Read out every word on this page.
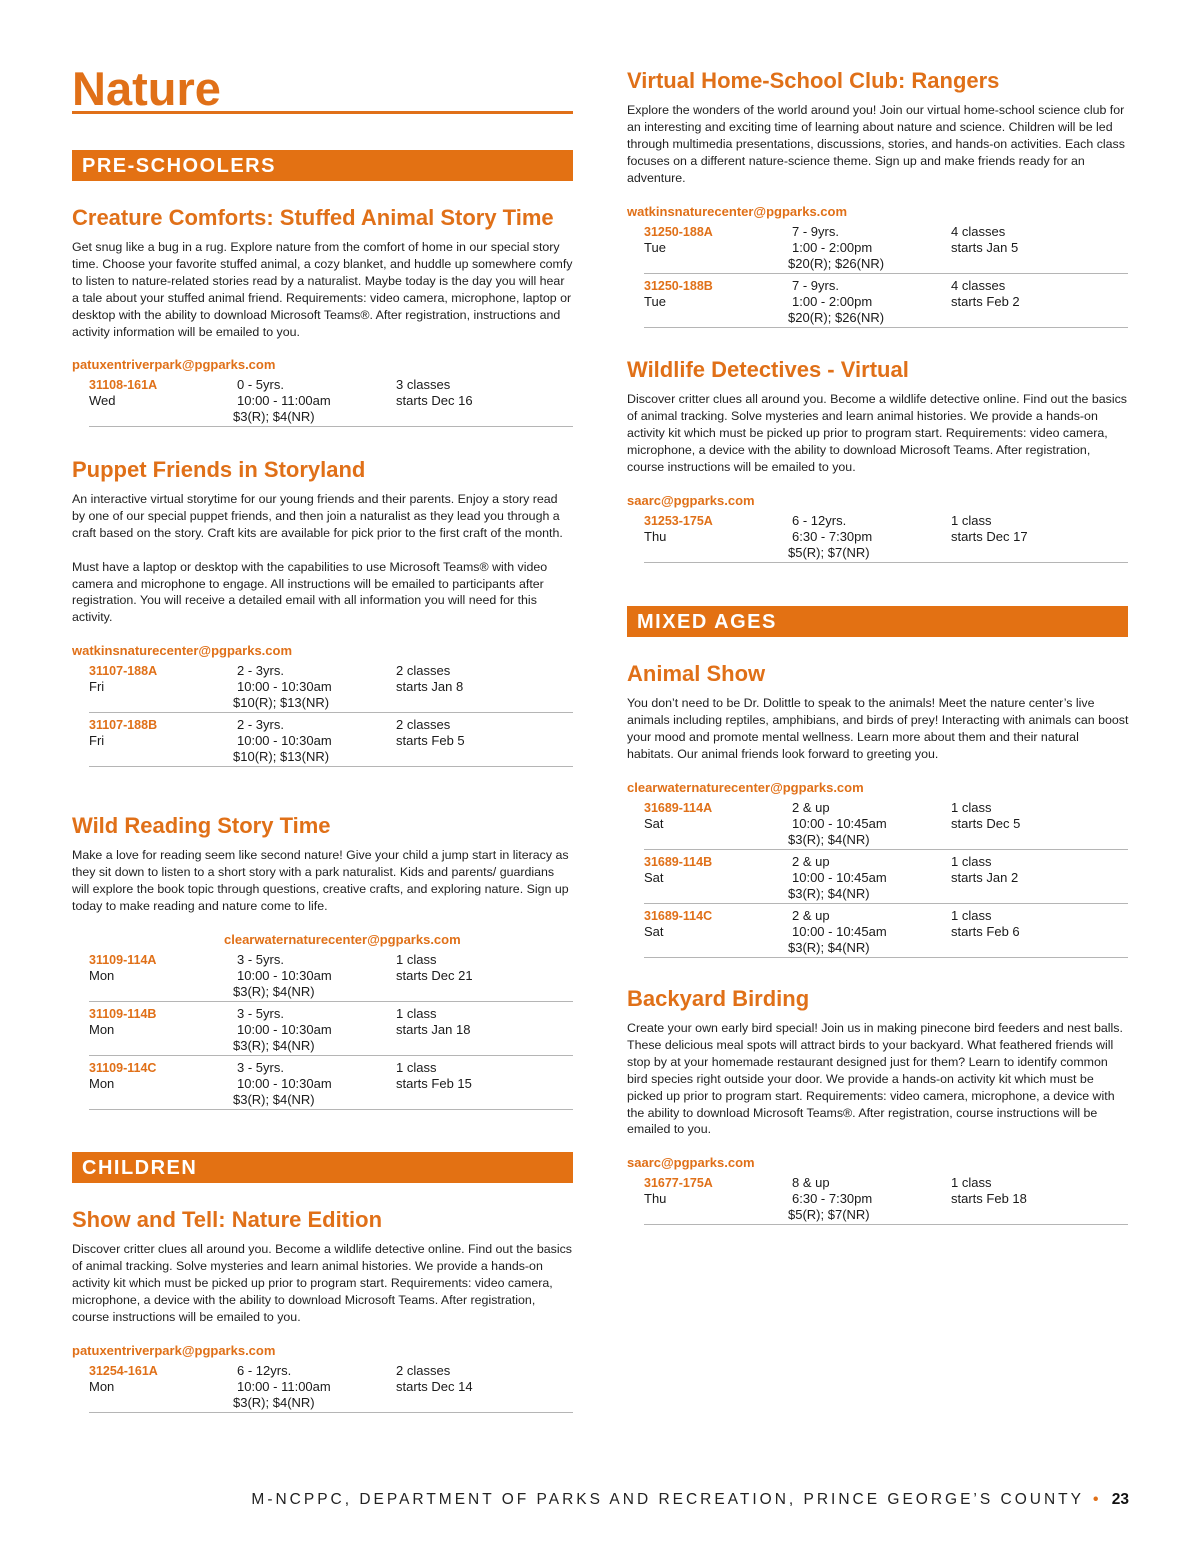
Nature
PRE-SCHOOLERS
Creature Comforts: Stuffed Animal Story Time

Get snug like a bug in a rug. Explore nature from the comfort of home in our special story time. Choose your favorite stuffed animal, a cozy blanket, and huddle up somewhere comfy to listen to nature-related stories read by a naturalist. Maybe today is the day you will hear a tale about your stuffed animal friend. Requirements: video camera, microphone, laptop or desktop with the ability to download Microsoft Teams®. After registration, instructions and activity information will be emailed to you.

patuxentriverpark@pgparks.com
31108-161A
Wed
0 - 5yrs.
10:00 - 11:00am
$3(R); $4(NR)
3 classes
starts Dec 16
Puppet Friends in Storyland

An interactive virtual storytime for our young friends and their parents. Enjoy a story read by one of our special puppet friends, and then join a naturalist as they lead you through a craft based on the story. Craft kits are available for pick prior to the first craft of the month.

Must have a laptop or desktop with the capabilities to use Microsoft Teams® with video camera and microphone to engage. All instructions will be emailed to participants after registration. You will receive a detailed email with all information you will need for this activity.

watkinsnaturecenter@pgparks.com
31107-188A
Fri
2 - 3yrs.
10:00 - 10:30am
$10(R); $13(NR)
2 classes
starts Jan 8
31107-188B
Fri
2 - 3yrs.
10:00 - 10:30am
$10(R); $13(NR)
2 classes
starts Feb 5
Wild Reading Story Time

Make a love for reading seem like second nature! Give your child a jump start in literacy as they sit down to listen to a short story with a park naturalist. Kids and parents/ guardians will explore the book topic through questions, creative crafts, and exploring nature. Sign up today to make reading and nature come to life.

clearwaternaturecenter@pgparks.com
31109-114A
Mon
3 - 5yrs.
10:00 - 10:30am
$3(R); $4(NR)
1 class
starts Dec 21
31109-114B
Mon
3 - 5yrs.
10:00 - 10:30am
$3(R); $4(NR)
1 class
starts Jan 18
31109-114C
Mon
3 - 5yrs.
10:00 - 10:30am
$3(R); $4(NR)
1 class
starts Feb 15
CHILDREN
Show and Tell: Nature Edition

Discover critter clues all around you. Become a wildlife detective online. Find out the basics of animal tracking. Solve mysteries and learn animal histories. We provide a hands-on activity kit which must be picked up prior to program start. Requirements: video camera, microphone, a device with the ability to download Microsoft Teams. After registration, course instructions will be emailed to you.

patuxentriverpark@pgparks.com
31254-161A
Mon
6 - 12yrs.
10:00 - 11:00am
$3(R); $4(NR)
2 classes
starts Dec 14
Virtual Home-School Club: Rangers

Explore the wonders of the world around you! Join our virtual home-school science club for an interesting and exciting time of learning about nature and science. Children will be led through multimedia presentations, discussions, stories, and hands-on activities. Each class focuses on a different nature-science theme. Sign up and make friends ready for an adventure.

watkinsnaturecenter@pgparks.com
31250-188A
Tue
7 - 9yrs.
1:00 - 2:00pm
$20(R); $26(NR)
4 classes
starts Jan 5
31250-188B
Tue
7 - 9yrs.
1:00 - 2:00pm
$20(R); $26(NR)
4 classes
starts Feb 2
Wildlife Detectives - Virtual

Discover critter clues all around you. Become a wildlife detective online. Find out the basics of animal tracking. Solve mysteries and learn animal histories. We provide a hands-on activity kit which must be picked up prior to program start. Requirements: video camera, microphone, a device with the ability to download Microsoft Teams. After registration, course instructions will be emailed to you.

saarc@pgparks.com
31253-175A
Thu
6 - 12yrs.
6:30 - 7:30pm
$5(R); $7(NR)
1 class
starts Dec 17
MIXED AGES
Animal Show

You don’t need to be Dr. Dolittle to speak to the animals! Meet the nature center’s live animals including reptiles, amphibians, and birds of prey! Interacting with animals can boost your mood and promote mental wellness. Learn more about them and their natural habitats. Our animal friends look forward to greeting you.

clearwaternaturecenter@pgparks.com
31689-114A
Sat
2 & up
10:00 - 10:45am
$3(R); $4(NR)
1 class
starts Dec 5
31689-114B
Sat
2 & up
10:00 - 10:45am
$3(R); $4(NR)
1 class
starts Jan 2
31689-114C
Sat
2 & up
10:00 - 10:45am
$3(R); $4(NR)
1 class
starts Feb 6
Backyard Birding

Create your own early bird special! Join us in making pinecone bird feeders and nest balls. These delicious meal spots will attract birds to your backyard. What feathered friends will stop by at your homemade restaurant designed just for them? Learn to identify common bird species right outside your door. We provide a hands-on activity kit which must be picked up prior to program start. Requirements: video camera, microphone, a device with the ability to download Microsoft Teams®. After registration, course instructions will be emailed to you.

saarc@pgparks.com
31677-175A
Thu
8 & up
6:30 - 7:30pm
$5(R); $7(NR)
1 class
starts Feb 18
M-NCPPC, DEPARTMENT OF PARKS AND RECREATION, PRINCE GEORGE’S COUNTY • 23
